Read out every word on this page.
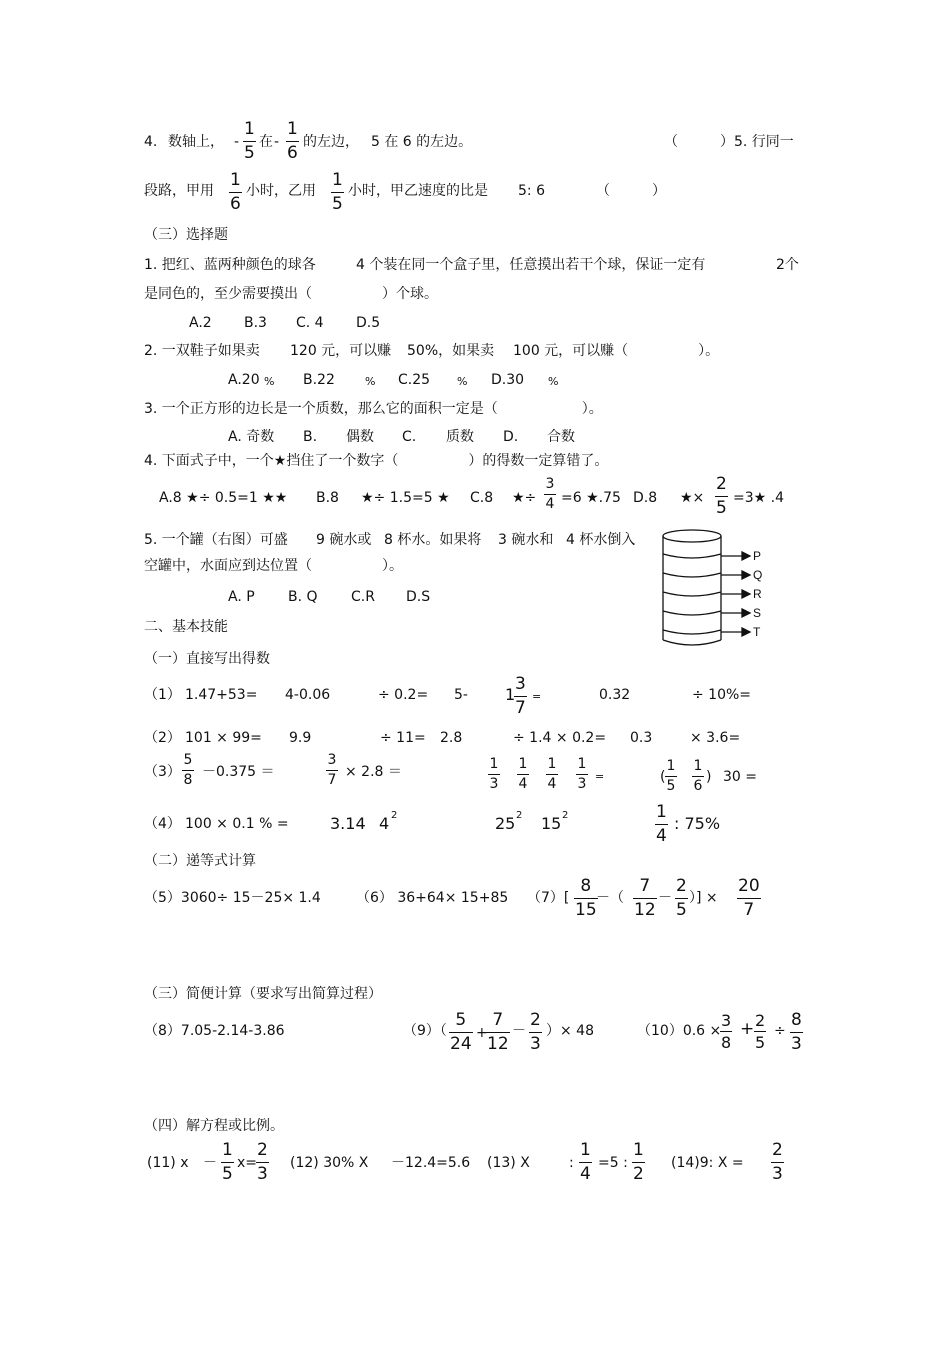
4. 数轴上， -
1
5
在 -
1
6
的左边， 5 在 6 的左边。	（　　　） 5. 行同一
段路，甲用
1
6
小时，乙用
1
5
小时，甲乙速度的比是 5: 6	（　　　）
（三）选择题
1. 把红、蓝两种颜色的球各	4 个装在同一个盒子里，任意摸出若干个球，保证一定有	2个
是同色的，至少需要摸出（　　　　　）个球。
A.2 B.3 C. 4 D.5
2. 一双鞋子如果卖 120 元，可以赚 50%，如果卖 100 元，可以赚（　　　　　）。
A.20 % B.22	% C.25 % D.30 %
3. 一个正方形的边长是一个质数，那么它的面积一定是（　　　　　　）。
A. 奇数 B. 偶数 C. 质数 D. 合数
4. 下面式子中，一个★挡住了一个数字（　　　　　）的得数一定算错了。
A.8 ★÷ 0.5=1 ★★ B.8 ★÷ 1.5=5 ★ C.8 ★÷
3
4 =6 ★.75 D.8 ★×
2
5 =3★ .4
5. 一个罐（右图）可盛 9 碗水或 8 杯水。如果将 3 碗水和 4 杯水倒入
空罐中，水面应到达位置（　　　　　）。
A. P B. Q C.R D.S
P
Q
R
S
T
二、基本技能
（一）直接写出得数
（1） 1.47+53= 4-0.06	÷ 0.2= 5- 1
3
7
=	0.32	÷ 10%=
（2） 101 × 99= 9.9	÷ 11= 2.8	÷ 1.4 × 0.2= 0.3	× 3.6=
（3）
5
8 －0.375 ＝
3
7 × 2.8 ＝	1
3
1
4
1
4
1
3 =	(
1
5
1
6
) 30 =
（4） 100 × 0.1 % =	3.14 4 2	25 2 15 2	1
4
: 75%
（二）递等式计算
（5）3060÷ 15－25× 1.4	（6） 36+64× 15+85 （7）[
8
15
－（
7
12
－
2
5
）] ×
20
7
（三）简便计算（要求写出简算过程）
（8）7.05-2.14-3.86	（9）（
5
24
+
7
12
－
2
3
）× 48	（10）0.6 ×
3
8
+ 2
5
÷
8
3
（四）解方程或比例。
(11) x －
1
5
x=
2
3
(12) 30% X －12.4=5.6 (13) X	:
1
4
=5 :
1
2
(14)9: X =
2
3
